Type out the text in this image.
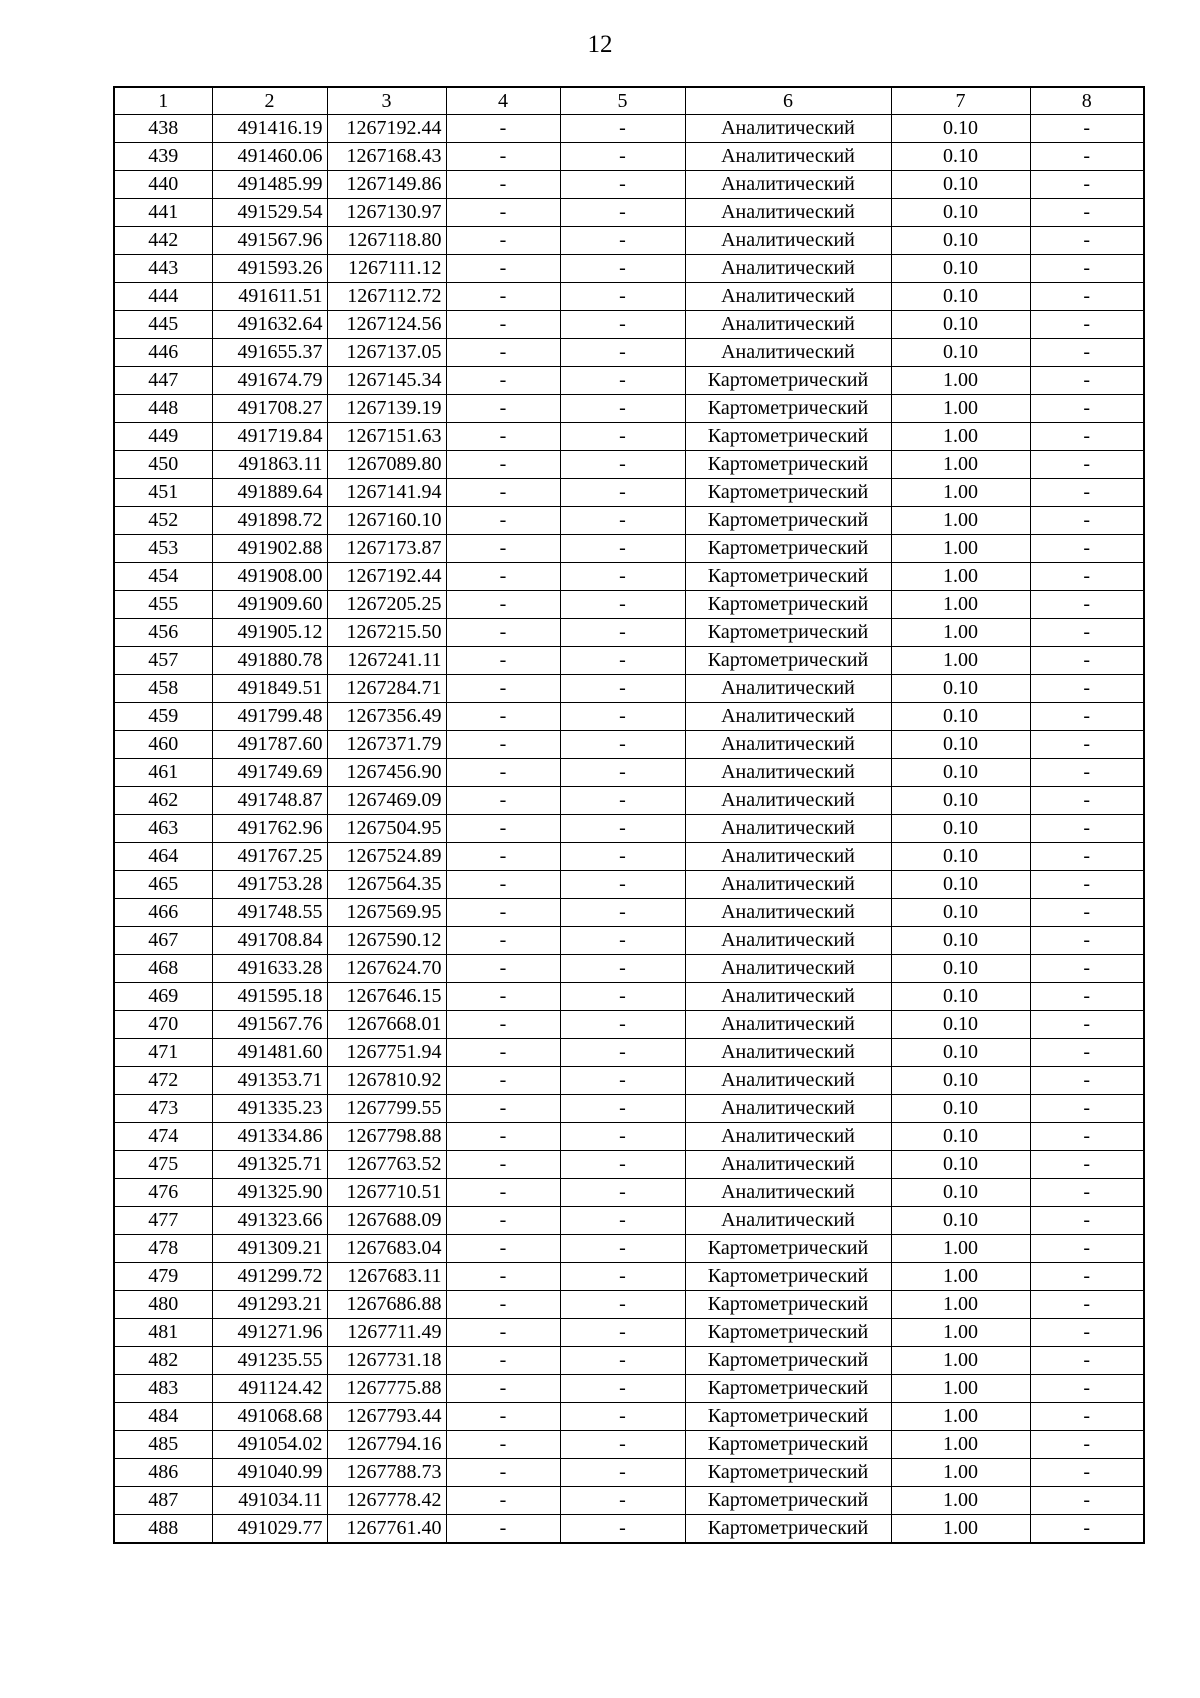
12
1	2	3	4	5	6	7	8
438	491416.19	1267192.44	-	-	Аналитический	0.10	-
439	491460.06	1267168.43	-	-	Аналитический	0.10	-
440	491485.99	1267149.86	-	-	Аналитический	0.10	-
441	491529.54	1267130.97	-	-	Аналитический	0.10	-
442	491567.96	1267118.80	-	-	Аналитический	0.10	-
443	491593.26	1267111.12	-	-	Аналитический	0.10	-
444	491611.51	1267112.72	-	-	Аналитический	0.10	-
445	491632.64	1267124.56	-	-	Аналитический	0.10	-
446	491655.37	1267137.05	-	-	Аналитический	0.10	-
447	491674.79	1267145.34	-	-	Картометрический	1.00	-
448	491708.27	1267139.19	-	-	Картометрический	1.00	-
449	491719.84	1267151.63	-	-	Картометрический	1.00	-
450	491863.11	1267089.80	-	-	Картометрический	1.00	-
451	491889.64	1267141.94	-	-	Картометрический	1.00	-
452	491898.72	1267160.10	-	-	Картометрический	1.00	-
453	491902.88	1267173.87	-	-	Картометрический	1.00	-
454	491908.00	1267192.44	-	-	Картометрический	1.00	-
455	491909.60	1267205.25	-	-	Картометрический	1.00	-
456	491905.12	1267215.50	-	-	Картометрический	1.00	-
457	491880.78	1267241.11	-	-	Картометрический	1.00	-
458	491849.51	1267284.71	-	-	Аналитический	0.10	-
459	491799.48	1267356.49	-	-	Аналитический	0.10	-
460	491787.60	1267371.79	-	-	Аналитический	0.10	-
461	491749.69	1267456.90	-	-	Аналитический	0.10	-
462	491748.87	1267469.09	-	-	Аналитический	0.10	-
463	491762.96	1267504.95	-	-	Аналитический	0.10	-
464	491767.25	1267524.89	-	-	Аналитический	0.10	-
465	491753.28	1267564.35	-	-	Аналитический	0.10	-
466	491748.55	1267569.95	-	-	Аналитический	0.10	-
467	491708.84	1267590.12	-	-	Аналитический	0.10	-
468	491633.28	1267624.70	-	-	Аналитический	0.10	-
469	491595.18	1267646.15	-	-	Аналитический	0.10	-
470	491567.76	1267668.01	-	-	Аналитический	0.10	-
471	491481.60	1267751.94	-	-	Аналитический	0.10	-
472	491353.71	1267810.92	-	-	Аналитический	0.10	-
473	491335.23	1267799.55	-	-	Аналитический	0.10	-
474	491334.86	1267798.88	-	-	Аналитический	0.10	-
475	491325.71	1267763.52	-	-	Аналитический	0.10	-
476	491325.90	1267710.51	-	-	Аналитический	0.10	-
477	491323.66	1267688.09	-	-	Аналитический	0.10	-
478	491309.21	1267683.04	-	-	Картометрический	1.00	-
479	491299.72	1267683.11	-	-	Картометрический	1.00	-
480	491293.21	1267686.88	-	-	Картометрический	1.00	-
481	491271.96	1267711.49	-	-	Картометрический	1.00	-
482	491235.55	1267731.18	-	-	Картометрический	1.00	-
483	491124.42	1267775.88	-	-	Картометрический	1.00	-
484	491068.68	1267793.44	-	-	Картометрический	1.00	-
485	491054.02	1267794.16	-	-	Картометрический	1.00	-
486	491040.99	1267788.73	-	-	Картометрический	1.00	-
487	491034.11	1267778.42	-	-	Картометрический	1.00	-
488	491029.77	1267761.40	-	-	Картометрический	1.00	-
